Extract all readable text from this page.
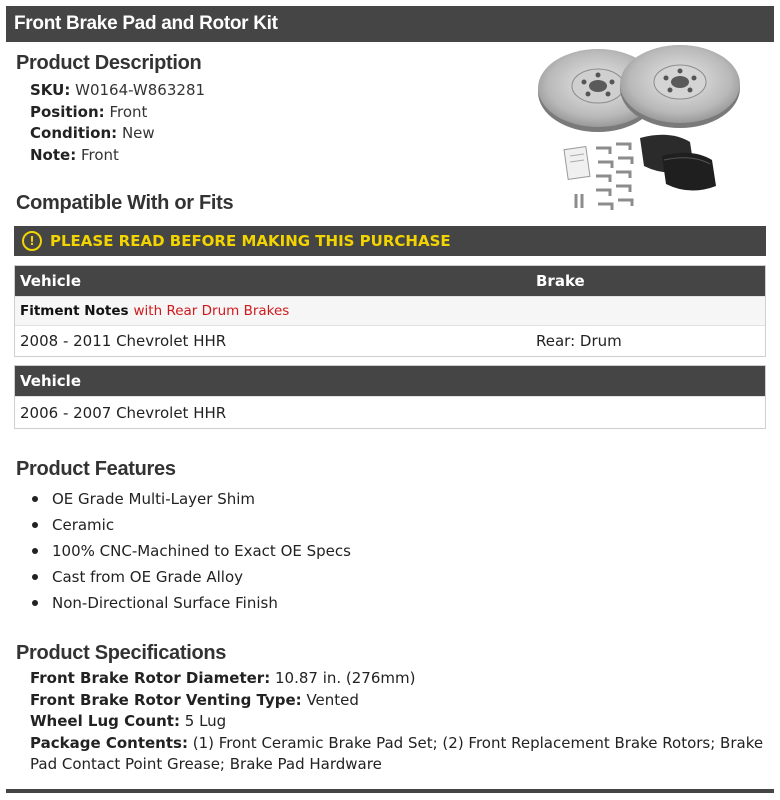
Front Brake Pad and Rotor Kit
Product Description
SKU: W0164-W863281
Position: Front
Condition: New
Note: Front
Compatible With or Fits
!	PLEASE READ BEFORE MAKING THIS PURCHASE
Vehicle	Brake
Fitment Notes with Rear Drum Brakes
2008 - 2011 Chevrolet HHR	Rear: Drum
Vehicle
2006 - 2007 Chevrolet HHR
Product Features
OE Grade Multi-Layer Shim
Ceramic
100% CNC-Machined to Exact OE Specs
Cast from OE Grade Alloy
Non-Directional Surface Finish
Product Specifications
Front Brake Rotor Diameter: 10.87 in. (276mm)
Front Brake Rotor Venting Type: Vented
Wheel Lug Count: 5 Lug
Package Contents: (1) Front Ceramic Brake Pad Set; (2) Front Replacement Brake Rotors; Brake Pad Contact Point Grease; Brake Pad Hardware
